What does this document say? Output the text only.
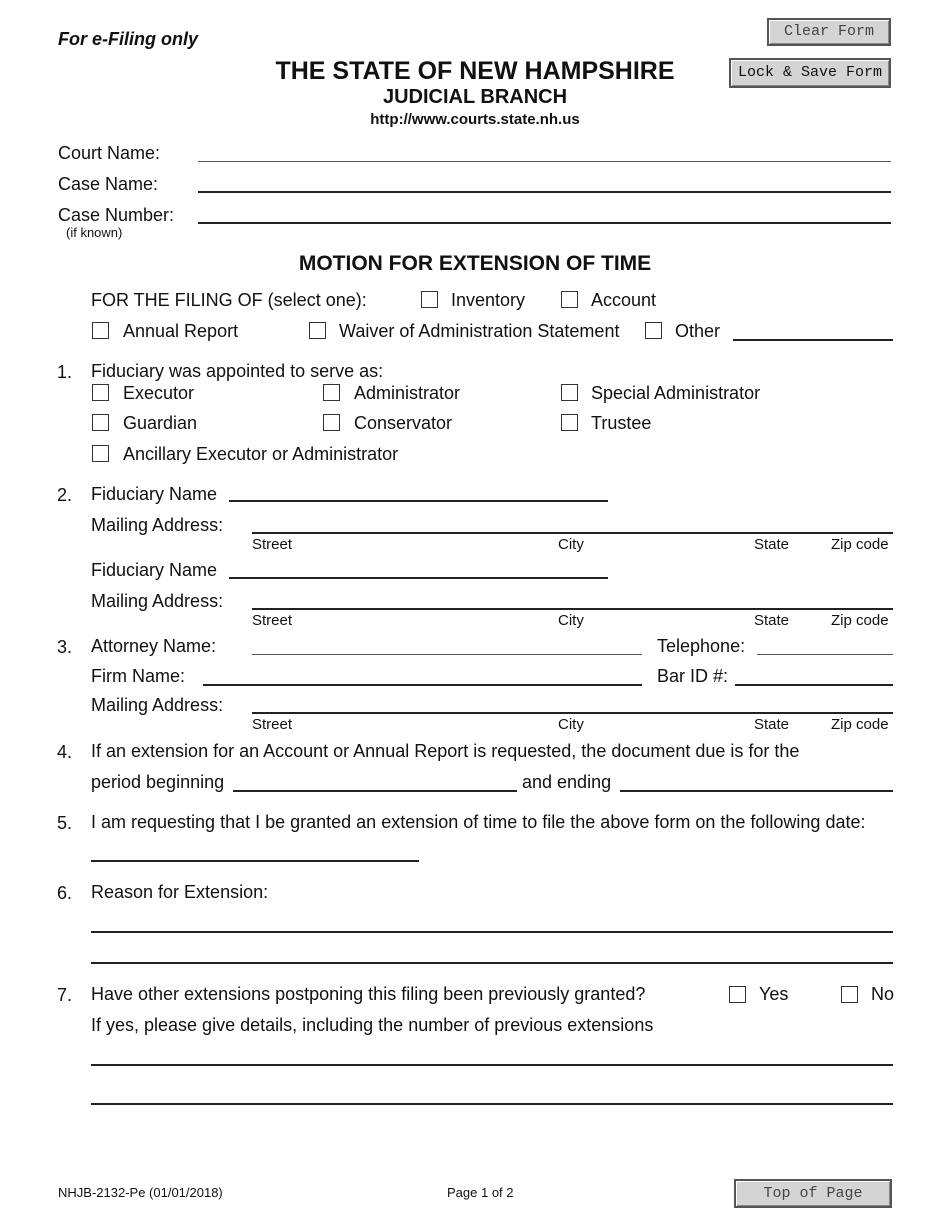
For e-Filing only
THE STATE OF NEW HAMPSHIRE
JUDICIAL BRANCH
http://www.courts.state.nh.us
Clear Form
Lock & Save Form
Court Name:
Case Name:
Case Number:
(if known)
MOTION FOR EXTENSION OF TIME
FOR THE FILING OF (select one):	Inventory	Account
Annual Report	Waiver of Administration Statement	Other
1. Fiduciary was appointed to serve as:
Executor	Administrator	Special Administrator
Guardian	Conservator	Trustee
Ancillary Executor or Administrator
2. Fiduciary Name
Mailing Address:
Street	City	State	Zip code
Fiduciary Name
Mailing Address:
Street	City	State	Zip code
3. Attorney Name:	Telephone:
Firm Name:	Bar ID #:
Mailing Address:
Street	City	State	Zip code
4. If an extension for an Account or Annual Report is requested, the document due is for the
period beginning	and ending
5. I am requesting that I be granted an extension of time to file the above form on the following date:
6. Reason for Extension:
7. Have other extensions postponing this filing been previously granted?	Yes	No
If yes, please give details, including the number of previous extensions
NHJB-2132-Pe (01/01/2018)	Page 1 of 2	Top of Page
